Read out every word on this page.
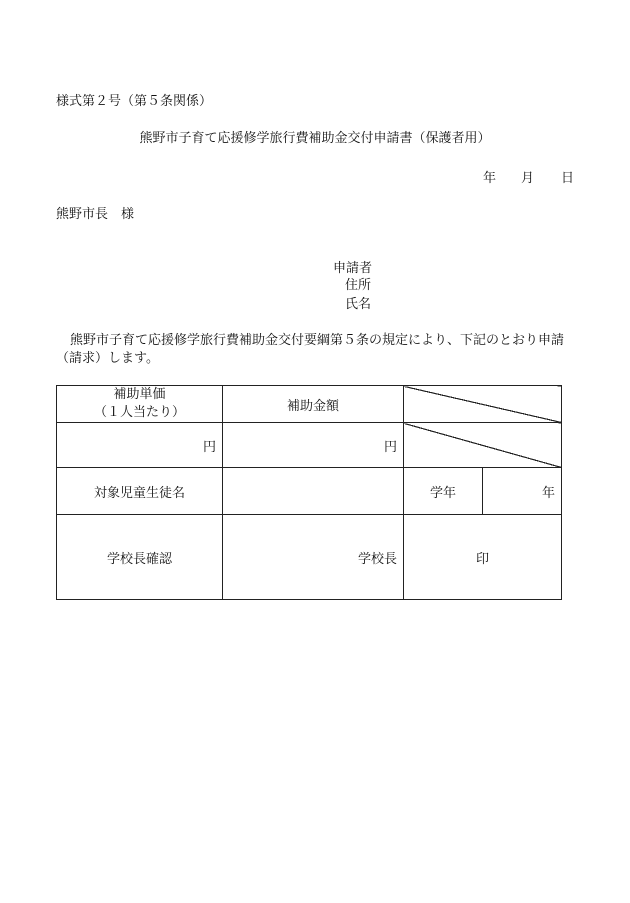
様式第２号（第５条関係）
熊野市子育て応援修学旅行費補助金交付申請書（保護者用）
年 月 日
熊野市長　様
申請者
住所
氏名
熊野市子育て応援修学旅行費補助金交付要綱第５条の規定により、下記のとおり申請
（請求）します。
補助単価
（１人当たり）	補助金額		
円	円		
対象児童生徒名		学年	年
学校長確認	学校長	印	
